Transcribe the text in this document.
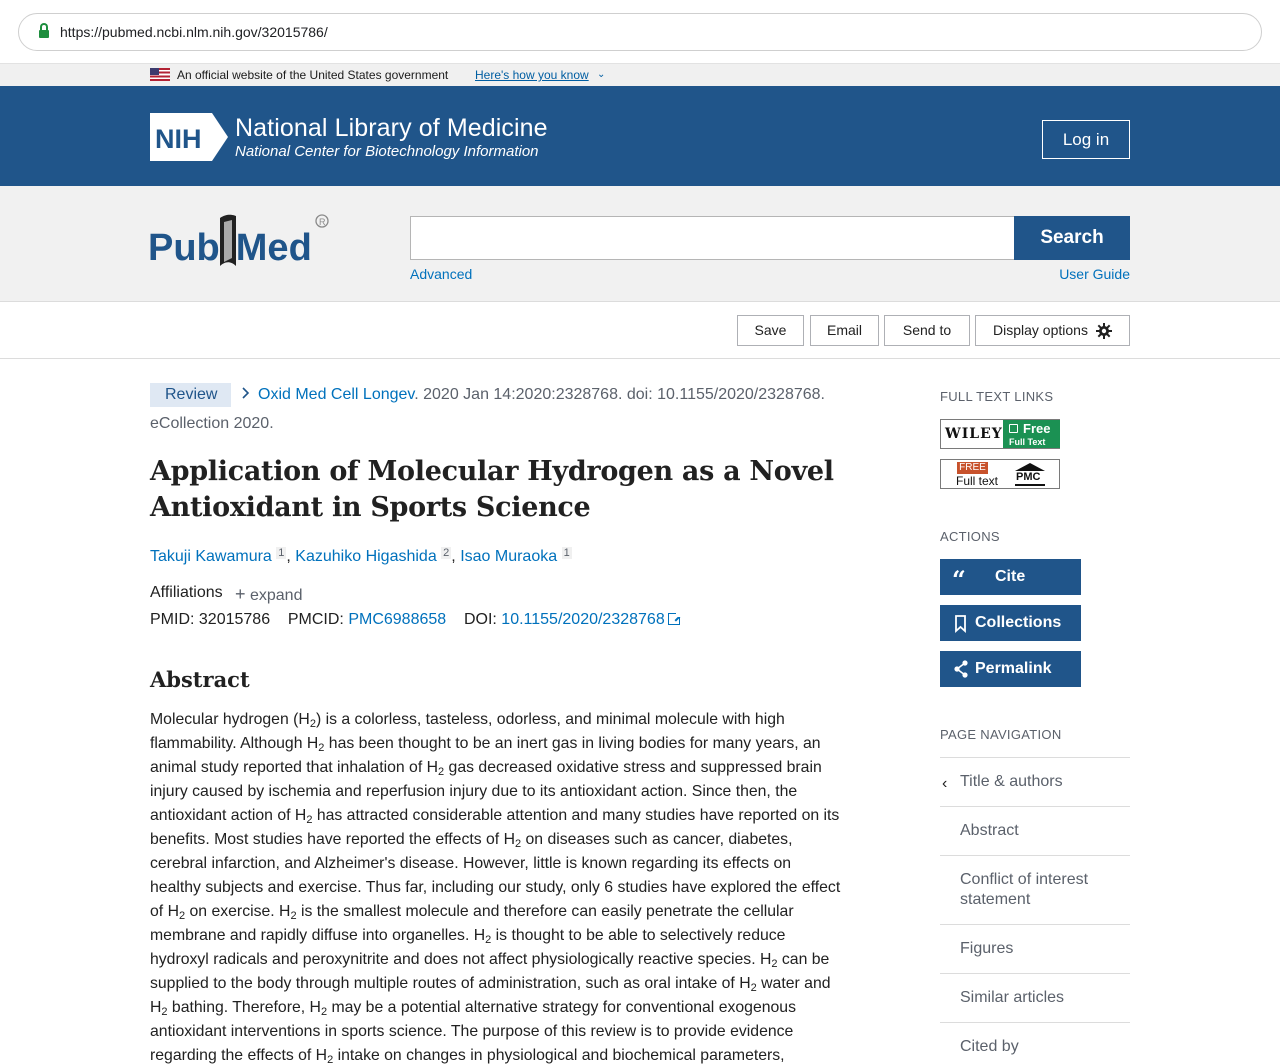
https://pubmed.ncbi.nlm.nih.gov/32015786/
An official website of the United States government Here's how you know ⌄
NIH National Library of Medicine
National Center for Biotechnology Information
Log in
Pub Med
R
Search
Advanced	User Guide
Save	Email	Send to	Display options
Review	Oxid Med Cell Longev. 2020 Jan 14:2020:2328768. doi: 10.1155/2020/2328768.
eCollection 2020.
Application of Molecular Hydrogen as a Novel Antioxidant in Sports Science
Takuji Kawamura $^1$ , Kazuhiko Higashida $^2$ , Isao Muraoka $^1$
Affiliations + expand
PMID: 32015786 PMCID: PMC6988658 DOI: 10.1155/2020/2328768
Abstract
Molecular hydrogen $(H_2)$ is a colorless, tasteless, odorless, and minimal molecule with high
flammability. Although $H_2$ has been thought to be an inert gas in living bodies for many years, an
animal study reported that inhalation of $H_2$ gas decreased oxidative stress and suppressed brain
injury caused by ischemia and reperfusion injury due to its antioxidant action. Since then, the
antioxidant action of $H_2$ has attracted considerable attention and many studies have reported on its
benefits. Most studies have reported the effects of $H_2$ on diseases such as cancer, diabetes,
cerebral infarction, and Alzheimer's disease. However, little is known regarding its effects on
healthy subjects and exercise. Thus far, including our study, only 6 studies have explored the effect
of $H_2$ on exercise. $H_2$ is the smallest molecule and therefore can easily penetrate the cellular
membrane and rapidly diffuse into organelles. $H_2$ is thought to be able to selectively reduce
hydroxyl radicals and peroxynitrite and does not affect physiologically reactive species. $H_2$ can be
supplied to the body through multiple routes of administration, such as oral intake of $H_2$ water and
$H_2$ bathing. Therefore, $H_2$ may be a potential alternative strategy for conventional exogenous
antioxidant interventions in sports science. The purpose of this review is to provide evidence
regarding the effects of $H_2$ intake on changes in physiological and biochemical parameters,
FULL TEXT LINKS
WILEY Free
Full Text
FREE
Full text PMC
ACTIONS
“ Cite
Collections
Permalink
PAGE NAVIGATION
‹ Title & authors
Abstract
Conflict of interest statement
Figures
Similar articles
Cited by
